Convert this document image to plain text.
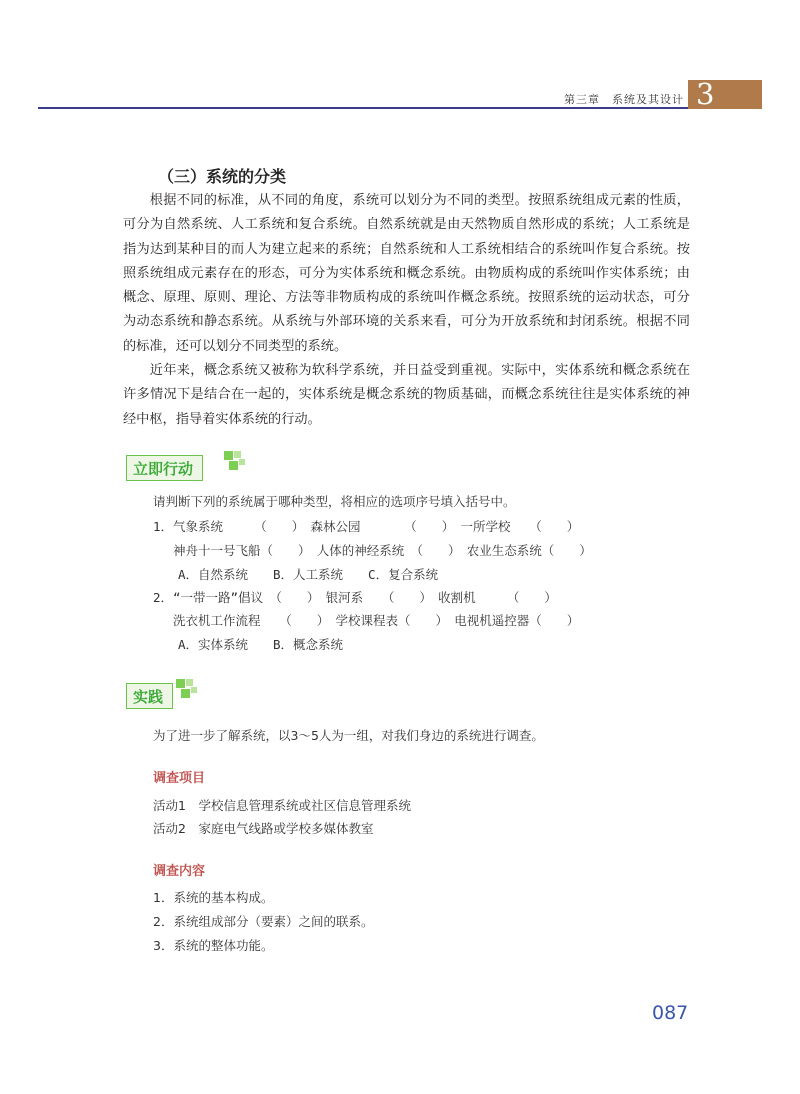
第三章　系统及其设计 3
（三）系统的分类
根据不同的标准，从不同的角度，系统可以划分为不同的类型。按照系统组成元素的性质，可分为自然系统、人工系统和复合系统。自然系统就是由天然物质自然形成的系统；人工系统是指为达到某种目的而人为建立起来的系统；自然系统和人工系统相结合的系统叫作复合系统。按照系统组成元素存在的形态，可分为实体系统和概念系统。由物质构成的系统叫作实体系统；由概念、原理、原则、理论、方法等非物质构成的系统叫作概念系统。按照系统的运动状态，可分为动态系统和静态系统。从系统与外部环境的关系来看，可分为开放系统和封闭系统。根据不同的标准，还可以划分不同类型的系统。
近年来，概念系统又被称为软科学系统，并日益受到重视。实际中，实体系统和概念系统在许多情况下是结合在一起的，实体系统是概念系统的物质基础，而概念系统往往是实体系统的神经中枢，指导着实体系统的行动。
立即行动
请判断下列的系统属于哪种类型，将相应的选项序号填入括号中。
1．气象系统　　　（　　）　森林公园　　　　（　　）　一所学校　　（　　）
　 神舟十一号飞船（　　）　人体的神经系统　（　　）　农业生态系统（　　）
　　A．自然系统　　B．人工系统　　C．复合系统
2．“一带一路”倡议　（　　）　银河系　　（　　）　收割机　　　（　　）
　 洗衣机工作流程　　（　　）　学校课程表（　　）　电视机遥控器（　　）
　　A．实体系统　　B．概念系统
实践
为了进一步了解系统，以3～5人为一组，对我们身边的系统进行调查。
调查项目
活动1　学校信息管理系统或社区信息管理系统
活动2　家庭电气线路或学校多媒体教室
调查内容
1．系统的基本构成。
2．系统组成部分（要素）之间的联系。
3．系统的整体功能。
087
